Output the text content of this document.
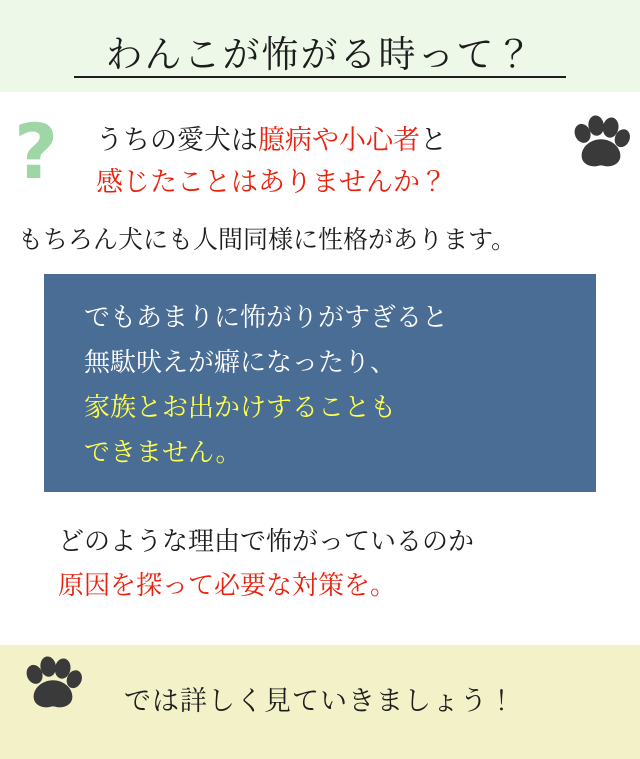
わんこが怖がる時って？
? うちの愛犬は臆病や小心者と
感じたことはありませんか？
もちろん犬にも人間同様に性格があります。
でもあまりに怖がりがすぎると
無駄吠えが癖になったり、
家族とお出かけすることも
できません。
どのような理由で怖がっているのか
原因を探って必要な対策を。
では詳しく見ていきましょう！
